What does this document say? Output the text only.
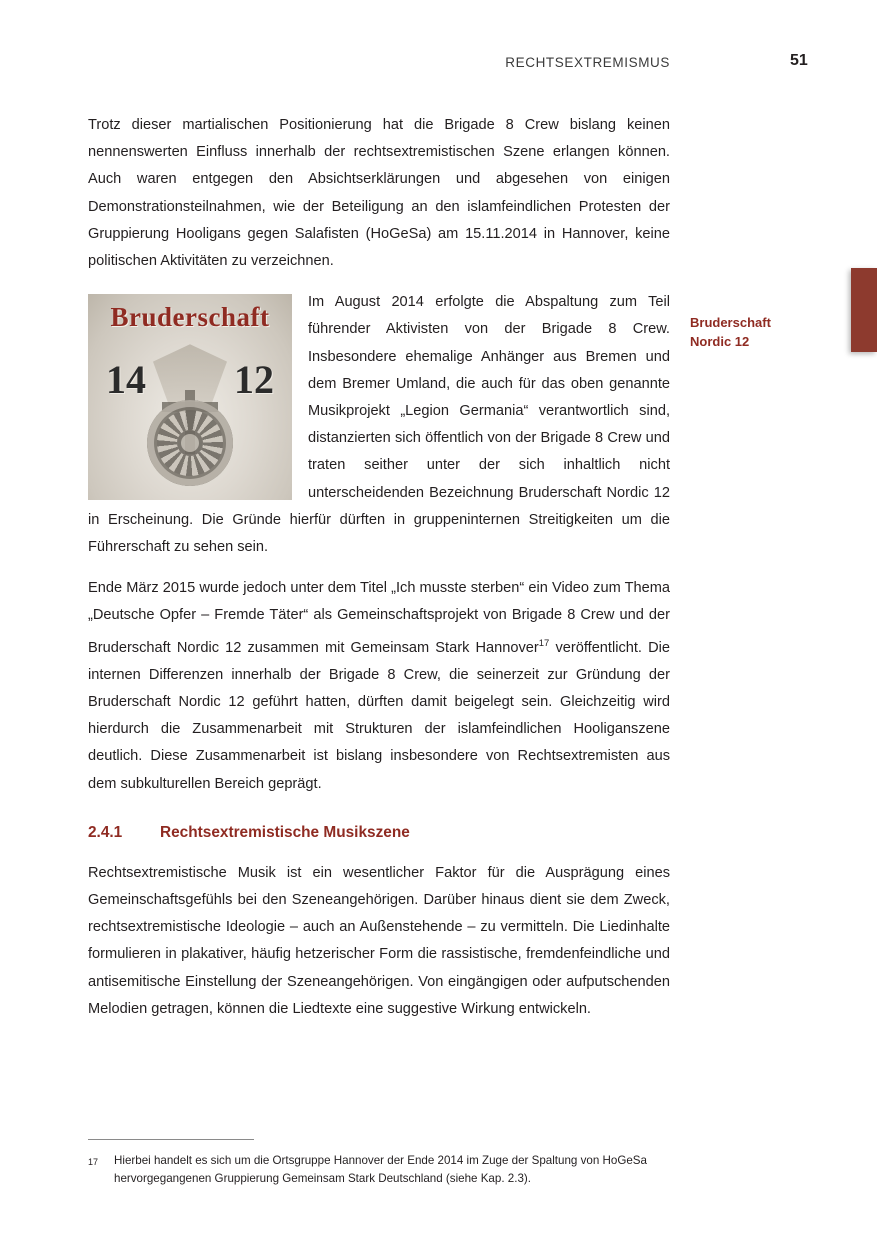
RECHTSEXTREMISMUS	51
Bruderschaft
Nordic 12

Trotz dieser martialischen Positionierung hat die Brigade 8 Crew bislang keinen nennenswerten Einfluss innerhalb der rechtsextremistischen Szene erlangen können. Auch waren entgegen den Absichtserklärungen und abgesehen von einigen Demonstrationsteilnahmen, wie der Beteiligung an den islamfeindlichen Protesten der Gruppierung Hooligans gegen Salafisten (HoGeSa) am 15.11.2014 in Hannover, keine politischen Aktivitäten zu verzeichnen.

Bruderschaft
14 12

Im August 2014 erfolgte die Abspaltung zum Teil führender Aktivisten von der Brigade 8 Crew. Insbesondere ehemalige Anhänger aus Bremen und dem Bremer Umland, die auch für das oben genannte Musikprojekt „Legion Germania“ verantwortlich sind, distanzierten sich öffentlich von der Brigade 8 Crew und traten seither unter der sich inhaltlich nicht unterscheidenden Bezeichnung Bruderschaft Nordic 12 in Erscheinung. Die Gründe hierfür dürften in gruppeninternen Streitigkeiten um die Führerschaft zu sehen sein.

Ende März 2015 wurde jedoch unter dem Titel „Ich musste sterben“ ein Video zum Thema „Deutsche Opfer – Fremde Täter“ als Gemeinschaftsprojekt von Brigade 8 Crew und der Bruderschaft Nordic 12 zusammen mit Gemeinsam Stark Hannover$^{17}$ veröffentlicht. Die internen Differenzen innerhalb der Brigade 8 Crew, die seinerzeit zur Gründung der Bruderschaft Nordic 12 geführt hatten, dürften damit beigelegt sein. Gleichzeitig wird hierdurch die Zusammenarbeit mit Strukturen der islamfeindlichen Hooliganszene deutlich. Diese Zusammenarbeit ist bislang insbesondere von Rechtsextremisten aus dem subkulturellen Bereich geprägt.

2.4.1	Rechtsextremistische Musikszene

Rechtsextremistische Musik ist ein wesentlicher Faktor für die Ausprägung eines Gemeinschaftsgefühls bei den Szeneangehörigen. Darüber hinaus dient sie dem Zweck, rechtsextremistische Ideologie – auch an Außenstehende – zu vermitteln. Die Liedinhalte formulieren in plakativer, häufig hetzerischer Form die rassistische, fremdenfeindliche und antisemitische Einstellung der Szeneangehörigen. Von eingängigen oder aufputschenden Melodien getragen, können die Liedtexte eine suggestive Wirkung entwickeln.

17	Hierbei handelt es sich um die Ortsgruppe Hannover der Ende 2014 im Zuge der Spaltung von HoGeSa hervorgegangenen Gruppierung Gemeinsam Stark Deutschland (siehe Kap. 2.3).
